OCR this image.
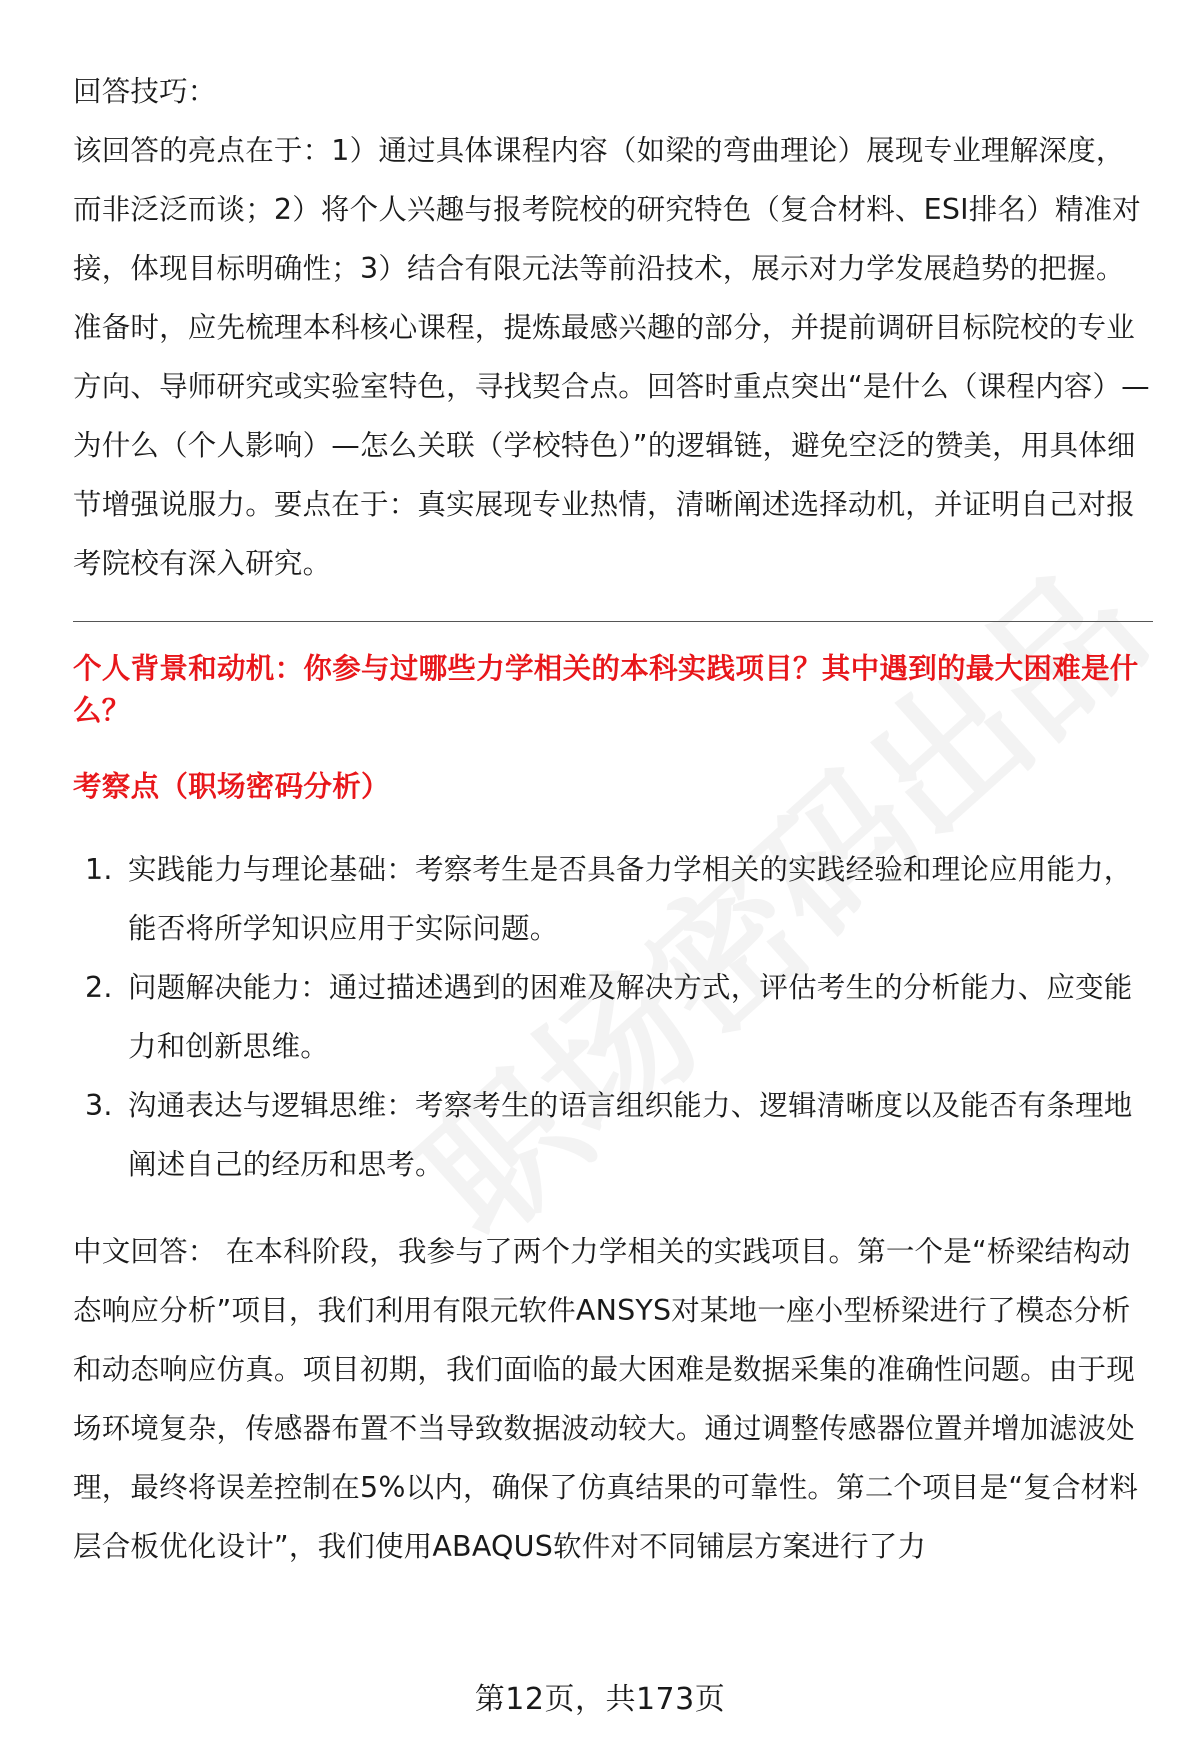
回答技巧：

该回答的亮点在于：1）通过具体课程内容（如梁的弯曲理论）展现专业理解深度，而非泛泛而谈；2）将个人兴趣与报考院校的研究特色（复合材料、ESI排名）精准对接，体现目标明确性；3）结合有限元法等前沿技术，展示对力学发展趋势的把握。

准备时，应先梳理本科核心课程，提炼最感兴趣的部分，并提前调研目标院校的专业方向、导师研究或实验室特色，寻找契合点。回答时重点突出“是什么（课程内容）—为什么（个人影响）—怎么关联（学校特色）”的逻辑链，避免空泛的赞美，用具体细节增强说服力。要点在于：真实展现专业热情，清晰阐述选择动机，并证明自己对报考院校有深入研究。

个人背景和动机：你参与过哪些力学相关的本科实践项目？其中遇到的最大困难是什么？

考察点（职场密码分析）

1. 实践能力与理论基础：考察考生是否具备力学相关的实践经验和理论应用能力，能否将所学知识应用于实际问题。
2. 问题解决能力：通过描述遇到的困难及解决方式，评估考生的分析能力、应变能力和创新思维。
3. 沟通表达与逻辑思维：考察考生的语言组织能力、逻辑清晰度以及能否有条理地阐述自己的经历和思考。

中文回答： 在本科阶段，我参与了两个力学相关的实践项目。第一个是“桥梁结构动态响应分析”项目，我们利用有限元软件ANSYS对某地一座小型桥梁进行了模态分析和动态响应仿真。项目初期，我们面临的最大困难是数据采集的准确性问题。由于现场环境复杂，传感器布置不当导致数据波动较大。通过调整传感器位置并增加滤波处理，最终将误差控制在5%以内，确保了仿真结果的可靠性。第二个项目是“复合材料层合板优化设计”，我们使用ABAQUS软件对不同铺层方案进行了力

第12页，共173页
